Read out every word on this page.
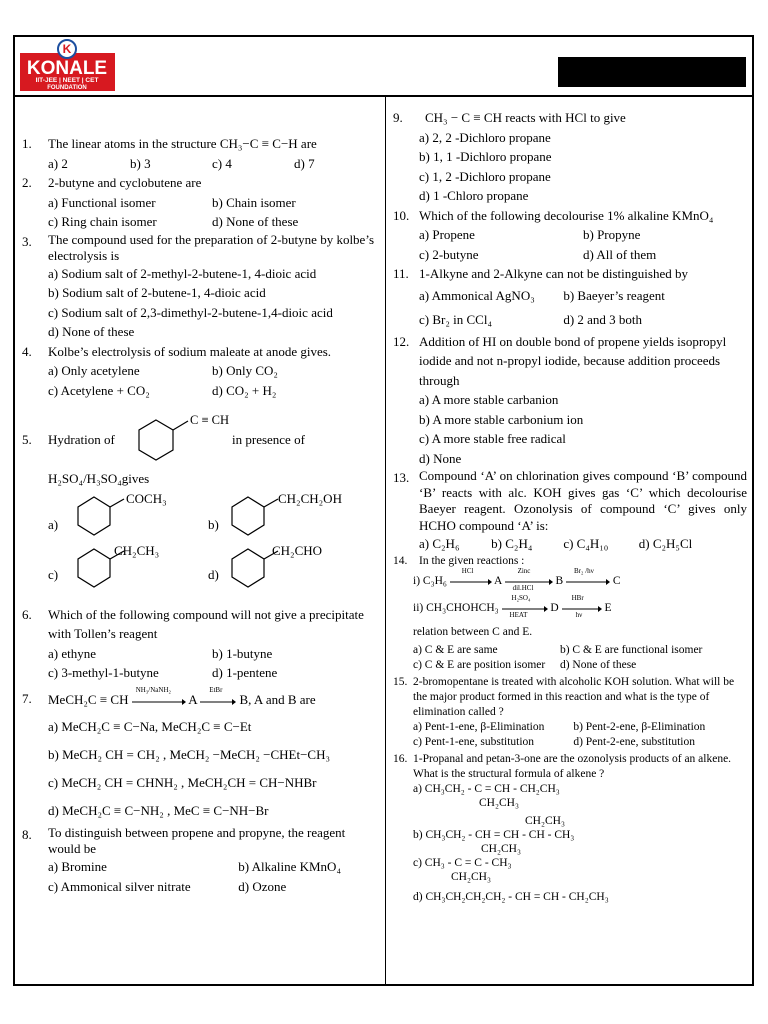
K
KONALE
IIT-JEE | NEET | CET
FOUNDATION
1. The linear atoms in the structure CH₃−C ≡ C−H are
a) 2	b) 3	c) 4	d) 7
2. 2-butyne and cyclobutene are
a) Functional isomer	b) Chain isomer
c) Ring chain isomer	d) None of these
3. The compound used for the preparation of 2-butyne by kolbe’s electrolysis is
a) Sodium salt of 2-methyl-2-butene-1, 4-dioic acid
b) Sodium salt of 2-butene-1, 4-dioic acid
c) Sodium salt of 2,3-dimethyl-2-butene-1,4-dioic acid
d) None of these
4. Kolbe’s electrolysis of sodium maleate at anode gives.
a) Only acetylene	b) Only CO₂
c) Acetylene + CO₂	d) CO₂ + H₂
5. Hydration of
C ≡ CH
in presence of
H₂SO₄/H₃SO₄gives
a)
COCH₃
b)
CH₂CH₂OH
c)
CH₂CH₃
d)
CH₂CHO
6. Which of the following compound will not give a precipitate with Tollen’s reagent
a) ethyne	b) 1-butyne
c) 3-methyl-1-butyne	d) 1-pentene
7. MeCH₂C ≡ CH
NH₃/NaNH₂
A
EtBr
B, A and B are
a) MeCH₂C ≡ C−Na, MeCH₂C ≡ C−Et
b) MeCH₂ CH = CH₂ , MeCH₂ −MeCH₂ −CHEt−CH₃
c) MeCH₂ CH = CHNH₂ , MeCH₂CH = CH−NHBr
d) MeCH₂C ≡ C−NH₂ , MeC ≡ C−NH−Br
8. To distinguish between propene and propyne, the reagent would be
a) Bromine	b) Alkaline KMnO₄
c) Ammonical silver nitrate	d) Ozone
9. CH₃ − C ≡ CH reacts with HCl to give
a) 2, 2 -Dichloro propane
b) 1, 1 -Dichloro propane
c) 1, 2 -Dichloro propane
d) 1 -Chloro propane
10. Which of the following decolourise 1% alkaline KMnO₄
a) Propene	b) Propyne
c) 2-butyne	d) All of them
11. 1-Alkyne and 2-Alkyne can not be distinguished by
a) Ammonical AgNO₃	b) Baeyer’s reagent
c) Br₂ in CCl₄	d) 2 and 3 both
12. Addition of HI on double bond of propene yields isopropyl iodide and not n-propyl iodide, because addition proceeds through
a) A more stable carbanion
b) A more stable carbonium ion
c) A more stable free radical
d) None
13. Compound ‘A’ on chlorination gives compound ‘B’ compound ‘B’ reacts with alc. KOH gives gas ‘C’ which decolourise Baeyer reagent. Ozonolysis of compound ‘C’ gives only HCHO compound ‘A’ is:
a) C₂H₆	b) C₂H₄	c) C₄H₁₀	d) C₂H₅Cl
14. In the given reactions :
i) C₃H₆
HCl
A
Zinc
dil.HCl
B
Br₂ /hν
C
ii) CH₃CHOHCH₃
H₂SO₄
HEAT
D
HBr
hν
E
relation between C and E.
a) C & E are same	b) C & E are functional isomer
c) C & E are position isomer	d) None of these
15. 2-bromopentane is treated with alcoholic KOH solution. What will be the major product formed in this reaction and what is the type of elimination called ?
a) Pent-1-ene, β-Elimination	b) Pent-2-ene, β-Elimination
c) Pent-1-ene, substitution	d) Pent-2-ene, substitution
16. 1-Propanal and petan-3-one are the ozonolysis products of an alkene. What is the structural formula of alkene ?
a) CH₃CH₂ - C = CH - CH₂CH₃
CH₂CH₃
CH₂CH₃
b) CH₃CH₂ - CH = CH - CH - CH₃
CH₂CH₃
c) CH₃ - C = C - CH₃
CH₂CH₃
d) CH₃CH₂CH₂CH₂ - CH = CH - CH₂CH₃
